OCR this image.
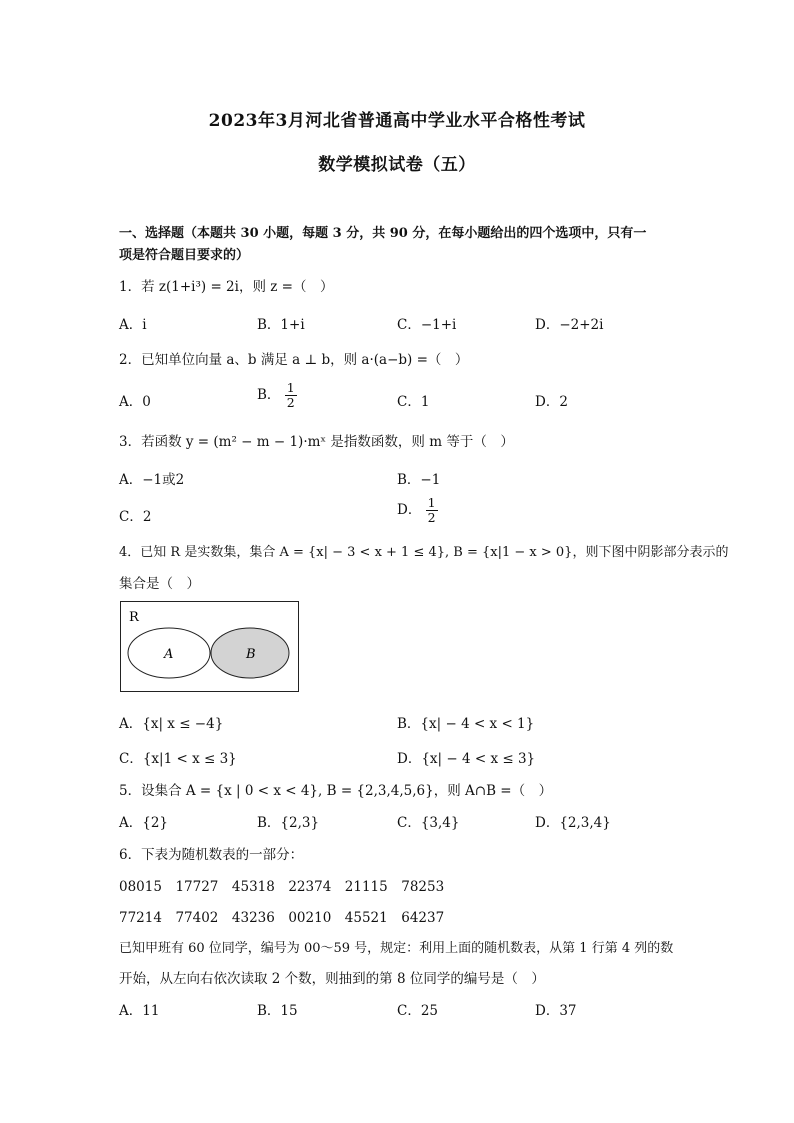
2023年3月河北省普通高中学业水平合格性考试
数学模拟试卷（五）
一、选择题（本题共 30 小题，每题 3 分，共 90 分，在每小题给出的四个选项中，只有一
项是符合题目要求的）
1．若 z(1+i³) = 2i，则 z =（　）
A．i	B．1+i	C．−1+i	D．−2+2i
2．已知单位向量 a、b 满足 a ⊥ b，则 a·(a−b) =（　）
A．0	B． $\frac{1}{2}$	C．1	D．2
3．若函数 y = (m² − m − 1)·mˣ 是指数函数，则 m 等于（　）
A．−1或2	B．−1
C．2	D． $\frac{1}{2}$
4．已知 R 是实数集，集合 A = {x| − 3 < x + 1 ≤ 4}, B = {x|1 − x > 0}，则下图中阴影部分表示的
集合是（　）
R
A	B
A．{x| x ≤ −4}	B．{x| − 4 < x < 1}
C．{x|1 < x ≤ 3}	D．{x| − 4 < x ≤ 3}
5．设集合 A = {x | 0 < x < 4}, B = {2,3,4,5,6}，则 A∩B =（　）
A．{2}	B．{2,3}	C．{3,4}	D．{2,3,4}
6．下表为随机数表的一部分：
08015　17727　45318　22374　21115　78253
77214　77402　43236　00210　45521　64237
已知甲班有 60 位同学，编号为 00～59 号，规定：利用上面的随机数表，从第 1 行第 4 列的数
开始，从左向右依次读取 2 个数，则抽到的第 8 位同学的编号是（　）
A．11	B．15	C．25	D．37
